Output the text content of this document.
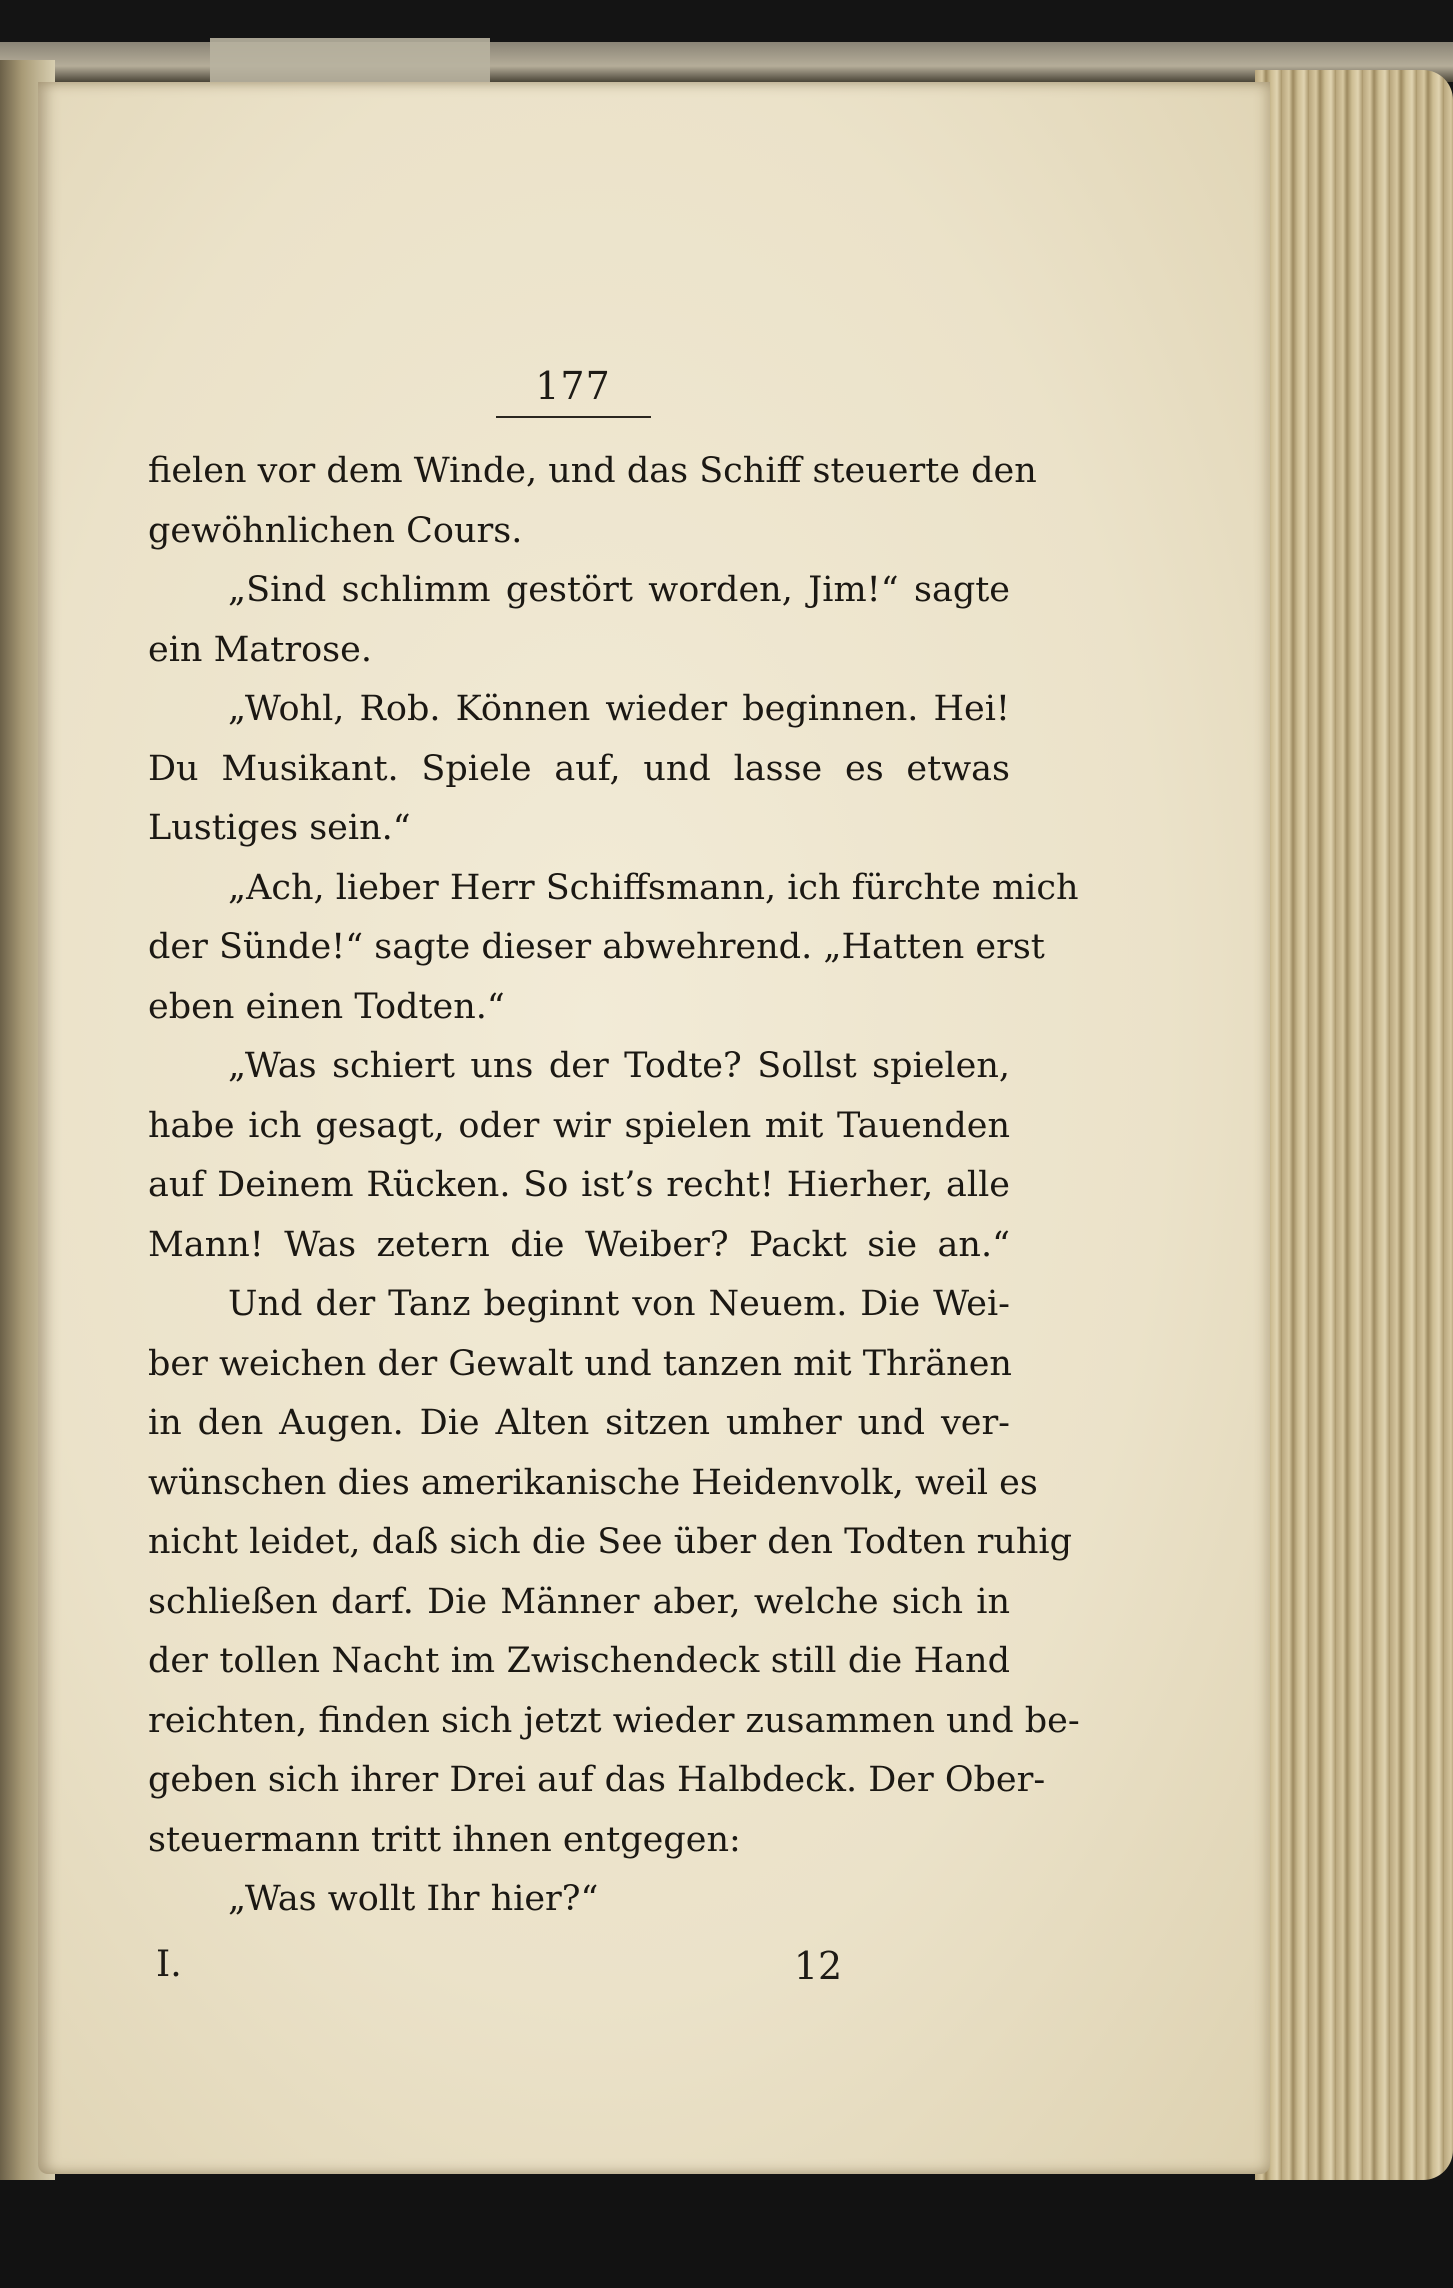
177
fielen vor dem Winde, und das Schiff steuerte den
gewöhnlichen Cours.
„Sind schlimm gestört worden, Jim!“ sagte
ein Matrose.
„Wohl, Rob. Können wieder beginnen. Hei!
Du Musikant. Spiele auf, und lasse es etwas
Lustiges sein.“
„Ach, lieber Herr Schiffsmann, ich fürchte mich
der Sünde!“ sagte dieser abwehrend. „Hatten erst
eben einen Todten.“
„Was schiert uns der Todte? Sollst spielen,
habe ich gesagt, oder wir spielen mit Tauenden
auf Deinem Rücken. So ist’s recht! Hierher, alle
Mann! Was zetern die Weiber? Packt sie an.“
Und der Tanz beginnt von Neuem. Die Wei-
ber weichen der Gewalt und tanzen mit Thränen
in den Augen. Die Alten sitzen umher und ver-
wünschen dies amerikanische Heidenvolk, weil es
nicht leidet, daß sich die See über den Todten ruhig
schließen darf. Die Männer aber, welche sich in
der tollen Nacht im Zwischendeck still die Hand
reichten, finden sich jetzt wieder zusammen und be-
geben sich ihrer Drei auf das Halbdeck. Der Ober-
steuermann tritt ihnen entgegen:
„Was wollt Ihr hier?“
I.	12
